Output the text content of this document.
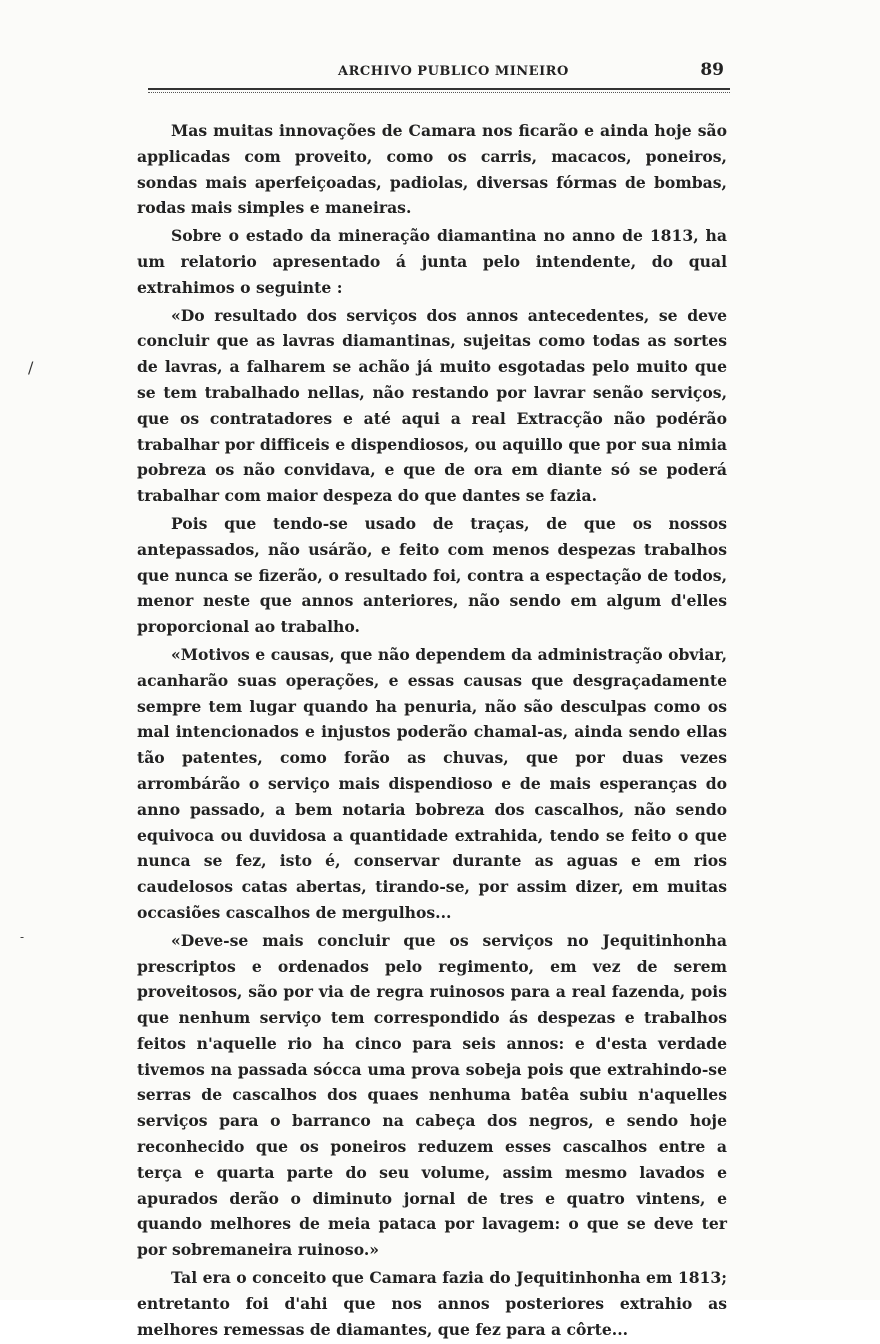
ARCHIVO PUBLICO MINEIRO	89
/
-

Mas muitas innovações de Camara nos ficarão e ainda hoje são applicadas com proveito, como os carris, macacos, poneiros, sondas mais aperfeiçoadas, padiolas, diversas fórmas de bombas, rodas mais simples e maneiras.

Sobre o estado da mineração diamantina no anno de 1813, ha um relatorio apresentado á junta pelo intendente, do qual extrahimos o seguinte :

«Do resultado dos serviços dos annos antecedentes, se deve concluir que as lavras diamantinas, sujeitas como todas as sortes de lavras, a falharem se achão já muito esgotadas pelo muito que se tem trabalhado nellas, não restando por lavrar senão serviços, que os contratadores e até aqui a real Extracção não podérão trabalhar por difficeis e dispendiosos, ou aquillo que por sua nimia pobreza os não convidava, e que de ora em diante só se poderá trabalhar com maior despeza do que dantes se fazia.

Pois que tendo-se usado de traças, de que os nossos antepassados, não usárão, e feito com menos despezas trabalhos que nunca se fizerão, o resultado foi, contra a espectação de todos, menor neste que annos anteriores, não sendo em algum d'elles proporcional ao trabalho.

«Motivos e causas, que não dependem da administração obviar, acanharão suas operações, e essas causas que desgraçadamente sempre tem lugar quando ha penuria, não são desculpas como os mal intencionados e injustos poderão chamal-as, ainda sendo ellas tão patentes, como forão as chuvas, que por duas vezes arrombárão o serviço mais dispendioso e de mais esperanças do anno passado, a bem notaria bobreza dos cascalhos, não sendo equivoca ou duvidosa a quantidade extrahida, tendo se feito o que nunca se fez, isto é, conservar durante as aguas e em rios caudelosos catas abertas, tirando-se, por assim dizer, em muitas occasiões cascalhos de mergulhos...

«Deve-se mais concluir que os serviços no Jequitinhonha prescriptos e ordenados pelo regimento, em vez de serem proveitosos, são por via de regra ruinosos para a real fazenda, pois que nenhum serviço tem correspondido ás despezas e trabalhos feitos n'aquelle rio ha cinco para seis annos: e d'esta verdade tivemos na passada sócca uma prova sobeja pois que extrahindo-se serras de cascalhos dos quaes nenhuma batêa subiu n'aquelles serviços para o barranco na cabeça dos negros, e sendo hoje reconhecido que os poneiros reduzem esses cascalhos entre a terça e quarta parte do seu volume, assim mesmo lavados e apurados derão o diminuto jornal de tres e quatro vintens, e quando melhores de meia pataca por lavagem: o que se deve ter por sobremaneira ruinoso.»

Tal era o conceito que Camara fazia do Jequitinhonha em 1813; entretanto foi d'ahi que nos annos posteriores extrahio as melhores remessas de diamantes, que fez para a côrte...
